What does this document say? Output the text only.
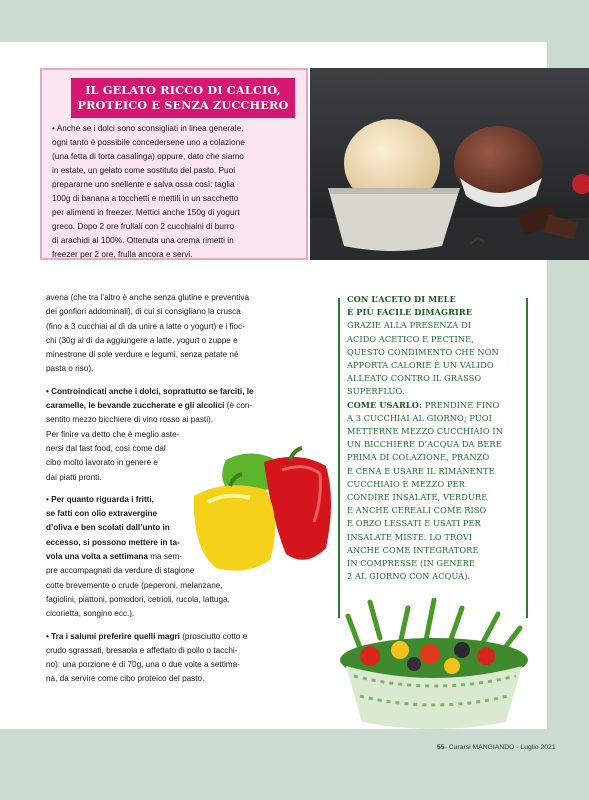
IL GELATO RICCO DI CALCIO,
PROTEICO E SENZA ZUCCHERO
• Anche se i dolci sono sconsigliati in linea generale,
ogni tanto è possibile concedersene uno a colazione
(una fetta di torta casalinga) oppure, dato che siamo
in estate, un gelato come sostituto del pasto. Puoi
prepararne uno snellente e salva ossa così: taglia
100g di banana a tocchetti e mettili in un sacchetto
per alimenti in freezer. Mettici anche 150g di yogurt
greco. Dopo 2 ore frullali con 2 cucchiaini di burro
di arachidi al 100%. Ottenuta una crema rimetti in
freezer per 2 ore, frulla ancora e servi.
avena (che tra l’altro è anche senza glutine e preventiva
dei gonfiori addominali), di cui si consigliano la crusca
(fino a 3 cucchiai al dì da unire a latte o yogurt) e i fioc-
chi (30g al dì da aggiungere a latte, yogurt o zuppe e
minestrone di sole verdure e legumi, senza patate né
pasta o riso).
• Controindicati anche i dolci, soprattutto se farciti, le
caramelle, le bevande zuccherate e gli alcolici (è con-
sentito mezzo bicchiere di vino rosso ai pasti).
Per finire va detto che è meglio aste-
nersi dal fast food, così come dal
cibo molto lavorato in genere e
dai piatti pronti.
• Per quanto riguarda i fritti,
se fatti con olio extravergine
d’oliva e ben scolati dall’unto in
eccesso, si possono mettere in ta-
vola una volta a settimana ma sem-
pre accompagnati da verdure di stagione
cotte brevemente o crude (peperoni, melanzane,
fagiolini, piattoni, pomodori, cetrioli, rucola, lattuga,
cicorietta, songino ecc.).
• Tra i salumi preferire quelli magri (prosciutto cotto e
crudo sgrassati, bresaola e affettato di pollo o tacchi-
no): una porzione è di 70g, una o due volte a settima-
na, da servire come cibo proteico del pasto.
CON L’ACETO DI MELE
È PIÙ FACILE DIMAGRIRE
GRAZIE ALLA PRESENZA DI
ACIDO ACETICO E PECTINE,
QUESTO CONDIMENTO CHE NON
APPORTA CALORIE È UN VALIDO
ALLEATO CONTRO IL GRASSO
SUPERFLUO.
COME USARLO: PRENDINE FINO
A 3 CUCCHIAI AL GIORNO; PUOI
METTERNE MEZZO CUCCHIAIO IN
UN BICCHIERE D’ACQUA DA BERE
PRIMA DI COLAZIONE, PRANZO
E CENA E USARE IL RIMANENTE
CUCCHIAIO E MEZZO PER
CONDIRE INSALATE, VERDURE
E ANCHE CEREALI COME RISO
E ORZO LESSATI E USATI PER
INSALATE MISTE. LO TROVI
ANCHE COME INTEGRATORE
IN COMPRESSE (IN GENERE
2 AL GIORNO CON ACQUA).
55- Curarsi MANGIANDO - Luglio 2021
